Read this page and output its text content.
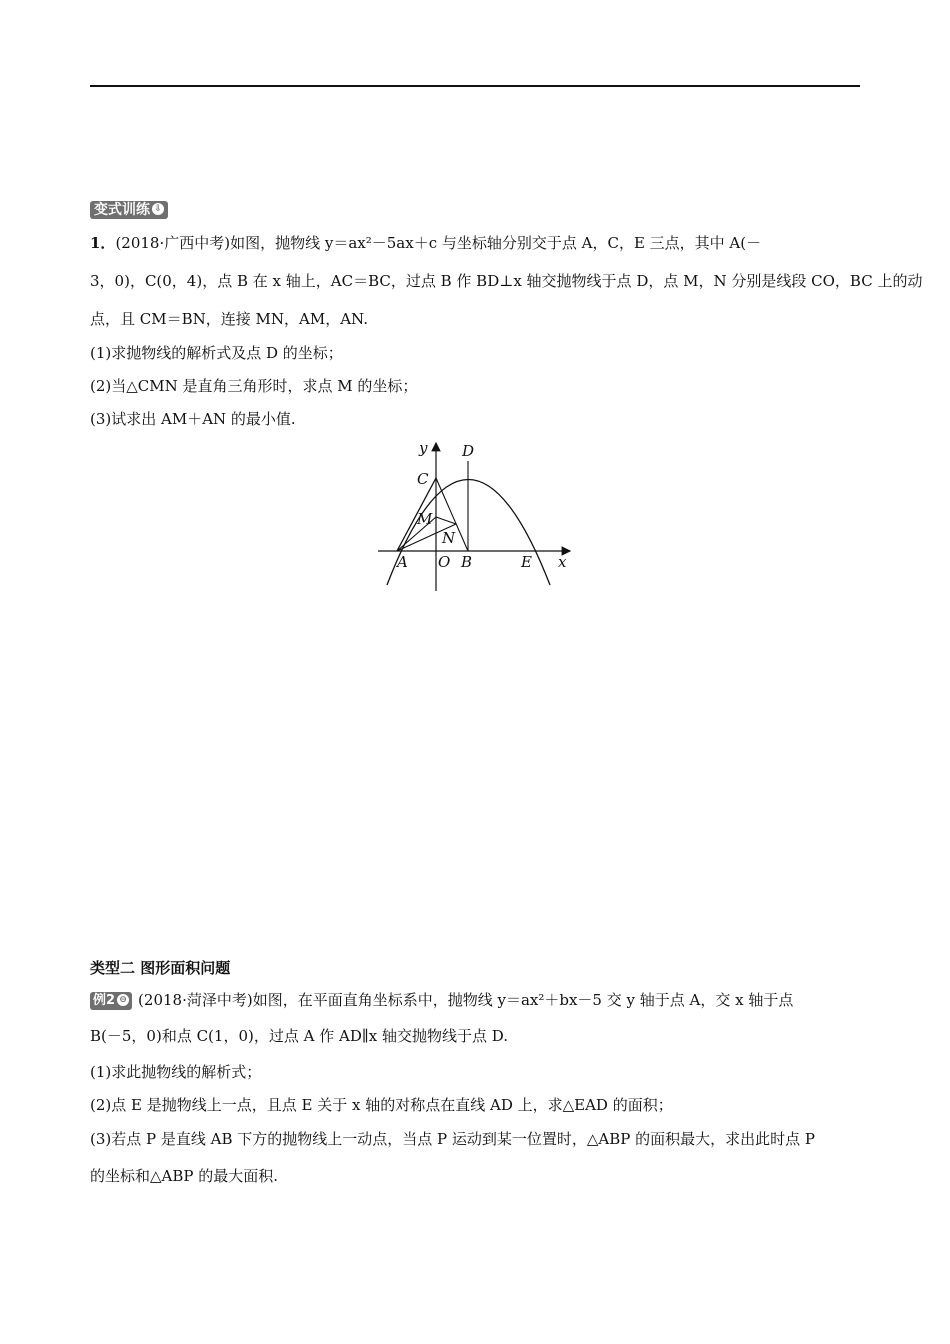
变式训练 ⇩
1．(2018·广西中考)如图，抛物线 y＝ax²－5ax＋c 与坐标轴分别交于点 A，C，E 三点，其中 A(－
3，0)，C(0，4)，点 B 在 x 轴上，AC＝BC，过点 B 作 BD⊥x 轴交抛物线于点 D，点 M，N 分别是线段 CO，BC 上的动
点，且 CM＝BN，连接 MN，AM，AN.
(1)求抛物线的解析式及点 D 的坐标；
(2)当△CMN 是直角三角形时，求点 M 的坐标；
(3)试求出 AM＋AN 的最小值.
y D
C
M
N
A O B	E x
类型二 图形面积问题
例2 ⊖ (2018·菏泽中考)如图，在平面直角坐标系中，抛物线 y＝ax²＋bx－5 交 y 轴于点 A，交 x 轴于点
B(－5，0)和点 C(1，0)，过点 A 作 AD∥x 轴交抛物线于点 D.
(1)求此抛物线的解析式；
(2)点 E 是抛物线上一点，且点 E 关于 x 轴的对称点在直线 AD 上，求△EAD 的面积；
(3)若点 P 是直线 AB 下方的抛物线上一动点，当点 P 运动到某一位置时，△ABP 的面积最大，求出此时点 P
的坐标和△ABP 的最大面积.
